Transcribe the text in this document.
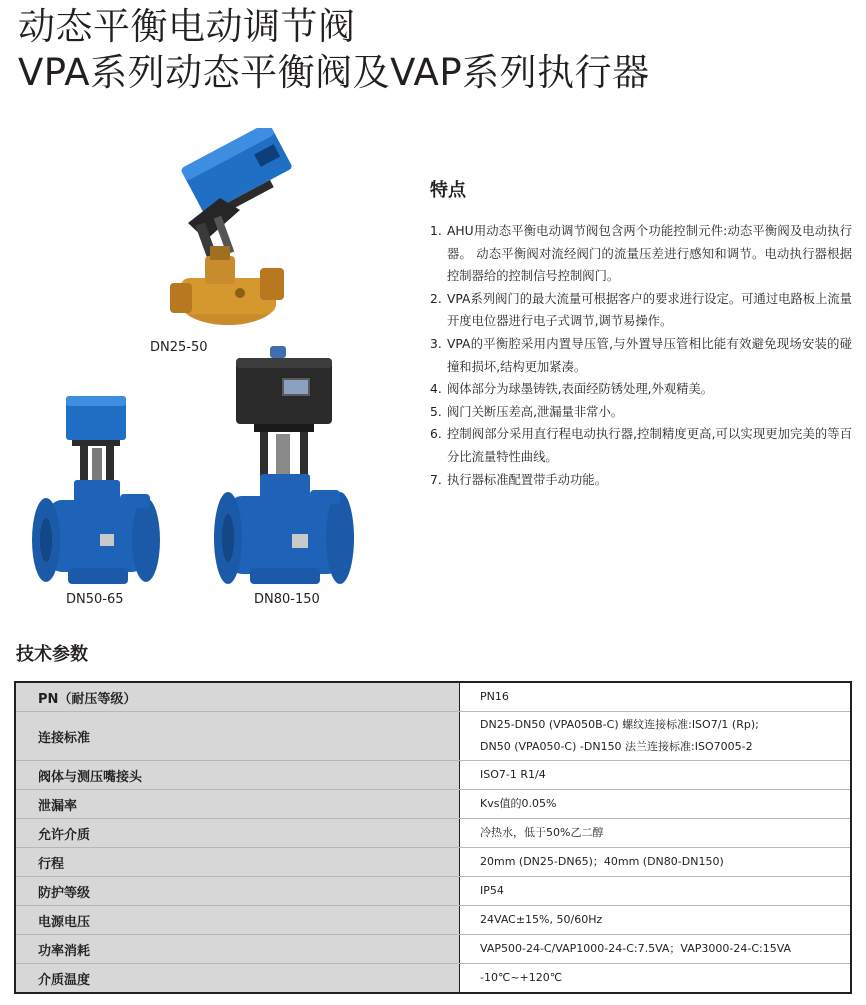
动态平衡电动调节阀
VPA系列动态平衡阀及VAP系列执行器
DN25-50
DN50-65	DN80-150
特点
1. AHU用动态平衡电动调节阀包含两个功能控制元件:动态平衡阀及电动执行器。 动态平衡阀对流经阀门的流量压差进行感知和调节。电动执行器根据控制器给的控制信号控制阀门。
2. VPA系列阀门的最大流量可根据客户的要求进行设定。可通过电路板上流量开度电位器进行电子式调节,调节易操作。
3. VPA的平衡腔采用内置导压管,与外置导压管相比能有效避免现场安装的碰撞和损坏,结构更加紧凑。
4. 阀体部分为球墨铸铁,表面经防锈处理,外观精美。
5. 阀门关断压差高,泄漏量非常小。
6. 控制阀部分采用直行程电动执行器,控制精度更高,可以实现更加完美的等百分比流量特性曲线。
7. 执行器标准配置带手动功能。
技术参数
PN（耐压等级）	PN16

连接标准	DN25-DN50 (VPA050B-C) 螺纹连接标准:ISO7/1 (Rp);
DN50 (VPA050-C) -DN150 法兰连接标准:ISO7005-2

阀体与测压嘴接头	ISO7-1 R1/4

泄漏率	Kvs值的0.05%

允许介质	冷热水，低于50%乙二醇

行程	20mm (DN25-DN65)；40mm (DN80-DN150)

防护等级	IP54

电源电压	24VAC±15%, 50/60Hz

功率消耗	VAP500-24-C/VAP1000-24-C:7.5VA；VAP3000-24-C:15VA

介质温度	-10℃~+120℃
